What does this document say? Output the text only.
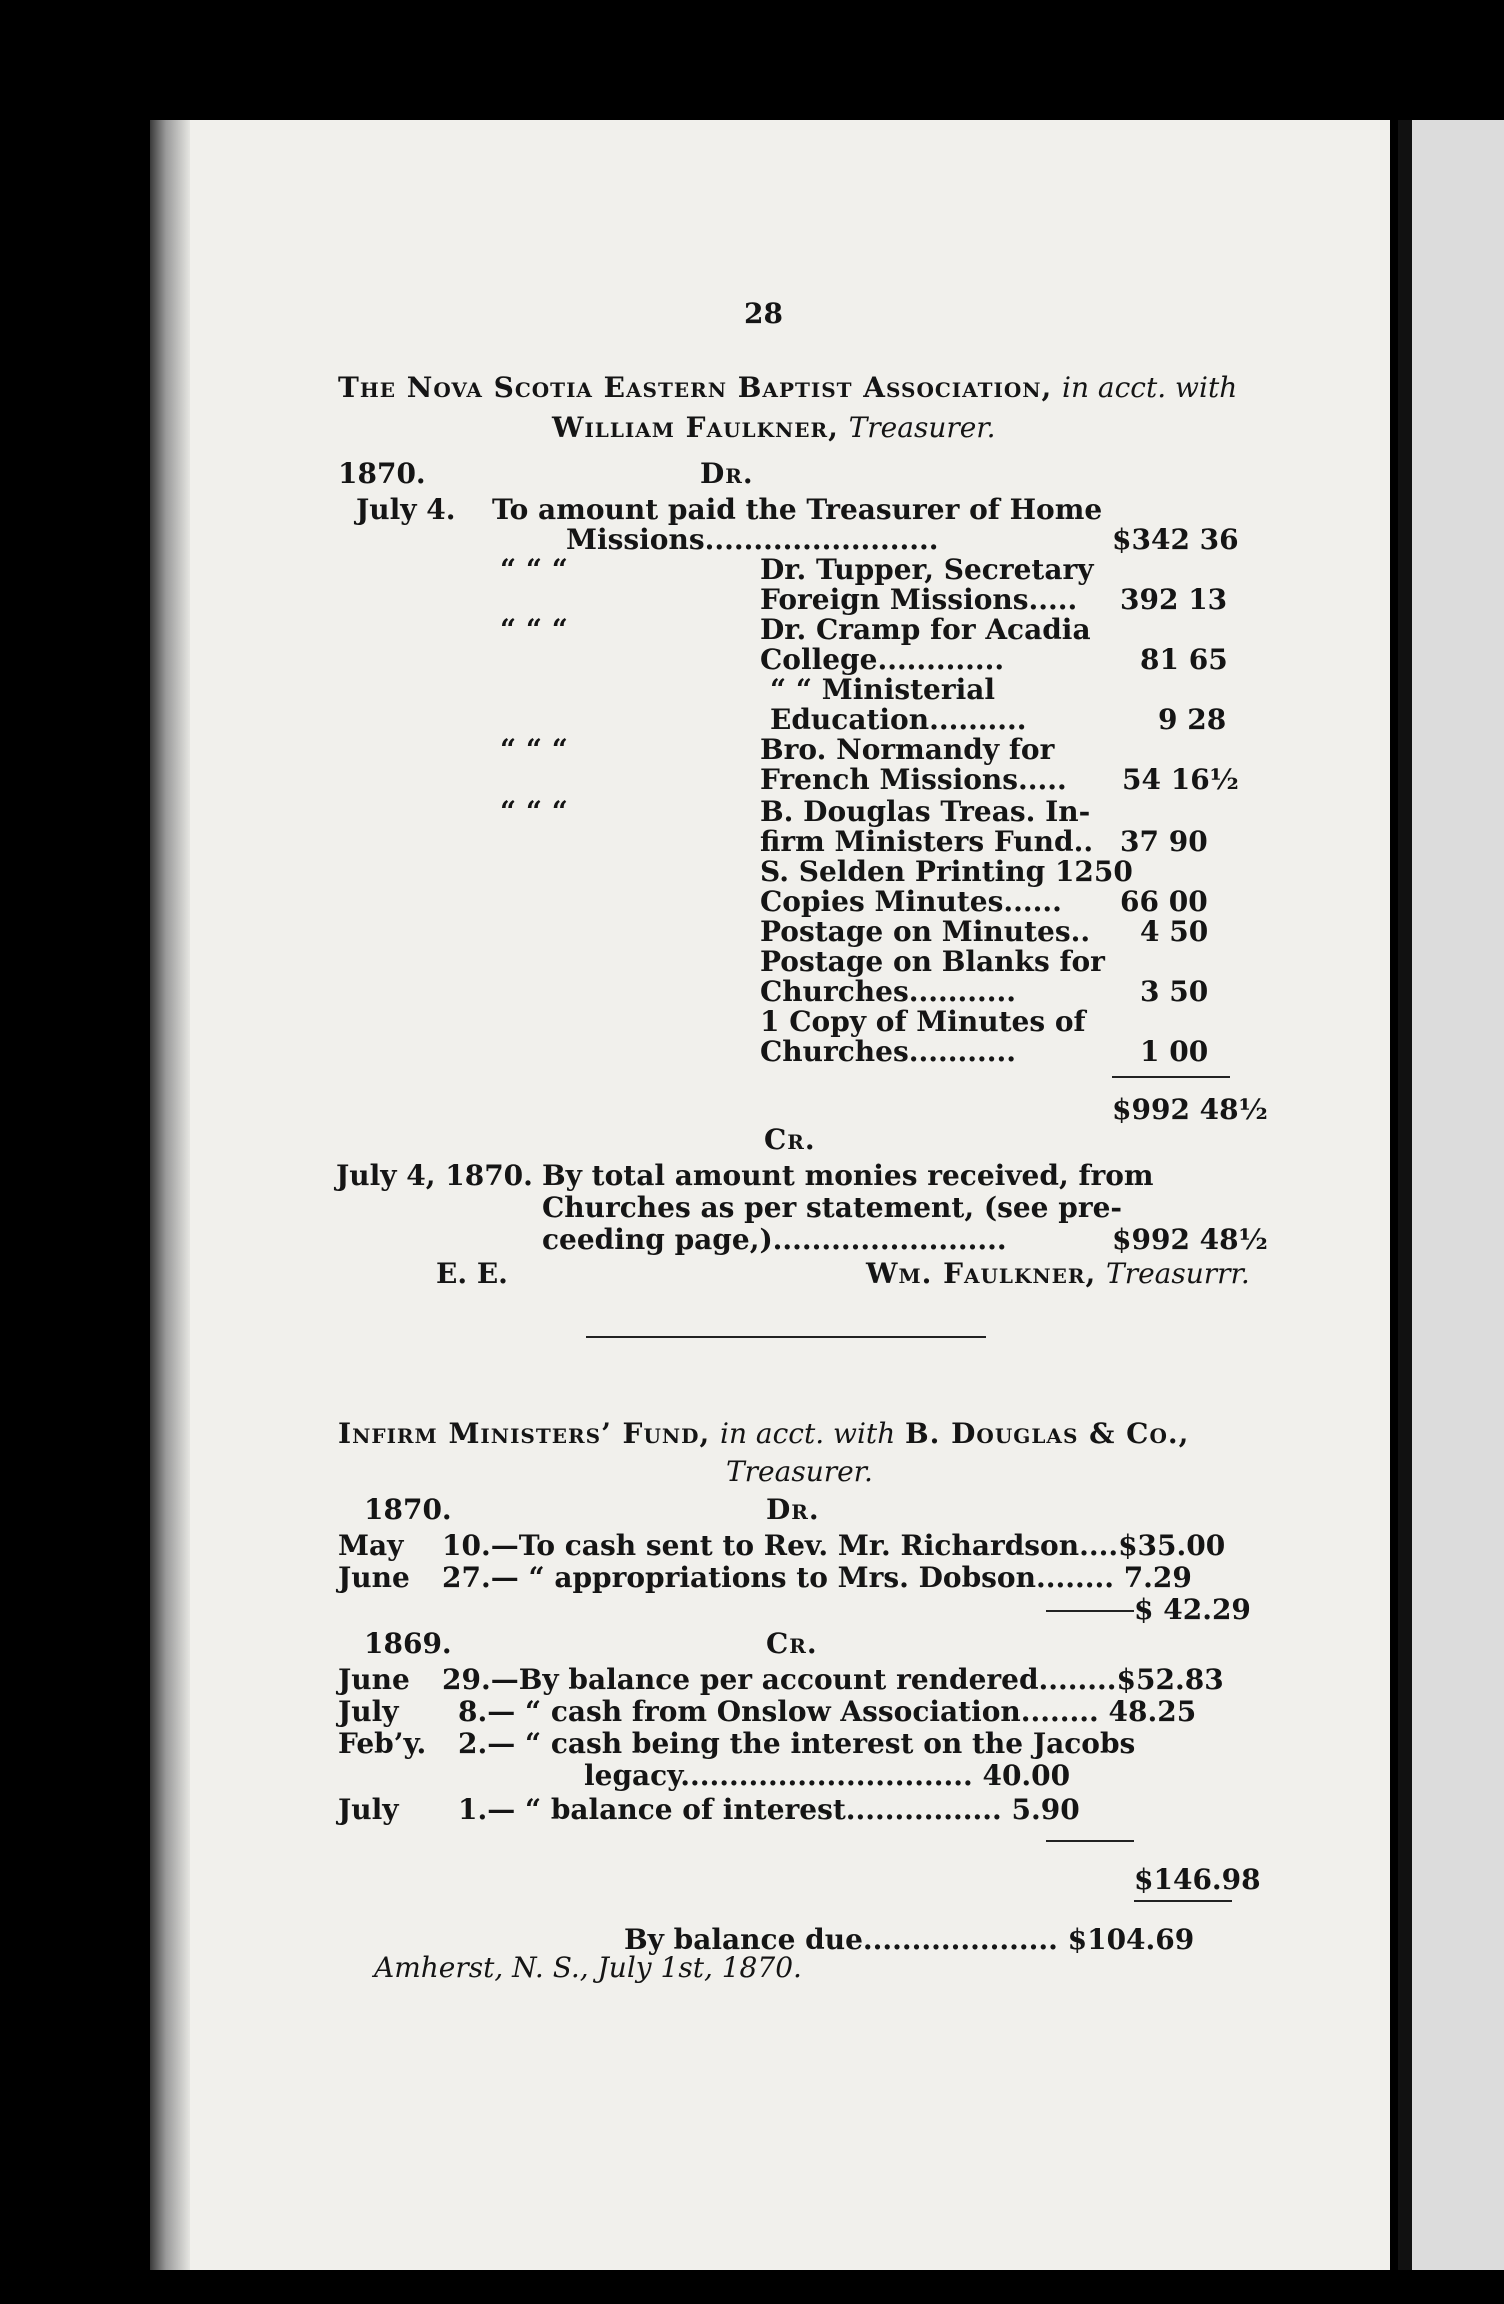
28
The Nova Scotia Eastern Baptist Association, in acct. with
William Faulkner, Treasurer.
1870.	Dr.
July 4. To amount paid the Treasurer of Home
Missions........................	$342 36
“ “ “	Dr. Tupper, Secretary
Foreign Missions..... 392 13
“ “ “	Dr. Cramp for Acadia
College.............	81 65
“ “ Ministerial
Education..........	9 28
“ “ “	Bro. Normandy for
French Missions..... 54 16½
“ “ “	B. Douglas Treas. In-
firm Ministers Fund.. 37 90
S. Selden Printing 1250
Copies Minutes...... 66 00
Postage on Minutes.. 4 50
Postage on Blanks for
Churches...........	3 50
1 Copy of Minutes of
Churches...........	1 00
$992 48½
Cr.
July 4, 1870. By total amount monies received, from
Churches as per statement, (see pre-
ceeding page,)........................	$992 48½
E. E.	Wm. Faulkner, Treasurrr.
Infirm Ministers’ Fund, in acct. with B. Douglas & Co.,
Treasurer.
1870.	Dr.
May 10.—To cash sent to Rev. Mr. Richardson....$35.00
June 27.— “ appropriations to Mrs. Dobson........ 7.29
$ 42.29
1869.	Cr.
June 29.—By balance per account rendered........$52.83
July 8.— “ cash from Onslow Association........ 48.25
Feb’y. 2.— “ cash being the interest on the Jacobs
legacy.............................. 40.00
July 1.— “ balance of interest................ 5.90
$146.98
By balance due.................... $104.69
Amherst, N. S., July 1st, 1870.
